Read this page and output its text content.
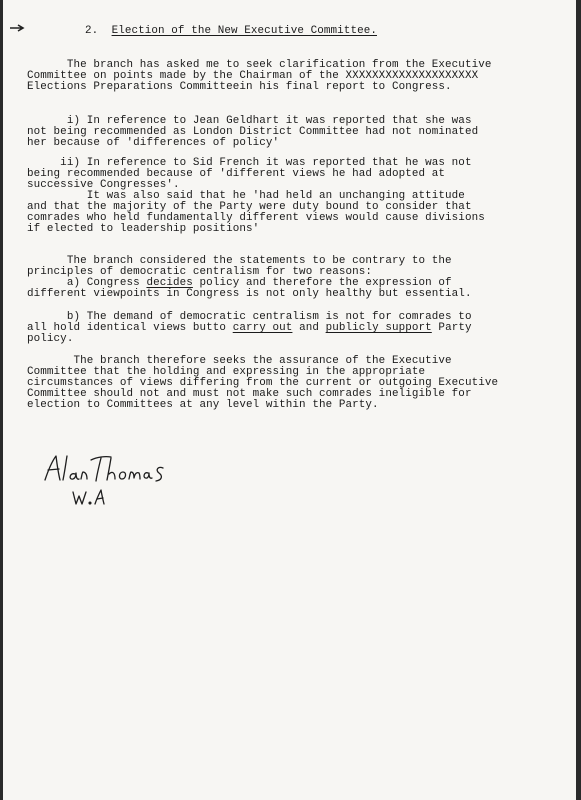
2. Election of the New Executive Committee.
The branch has asked me to seek clarification from the Executive
Committee on points made by the Chairman of the XXXXXXXXXXXXXXXXXXXX
Elections Preparations Committeein his final report to Congress.
i) In reference to Jean Geldhart it was reported that she was
not being recommended as London District Committee had not nominated
her because of 'differences of policy'
ii) In reference to Sid French it was reported that he was not
being recommended because of 'different views he had adopted at
successive Congresses'.
It was also said that he 'had held an unchanging attitude
and that the majority of the Party were duty bound to consider that
comrades who held fundamentally different views would cause divisions
if elected to leadership positions'
The branch considered the statements to be contrary to the
principles of democratic centralism for two reasons:
a) Congress decides policy and therefore the expression of
different viewpoints in Congress is not only healthy but essential.
b) The demand of democratic centralism is not for comrades to
all hold identical views butto carry out and publicly support Party
policy.
The branch therefore seeks the assurance of the Executive
Committee that the holding and expressing in the appropriate
circumstances of views differing from the current or outgoing Executive
Committee should not and must not make such comrades ineligible for
election to Committees at any level within the Party.
